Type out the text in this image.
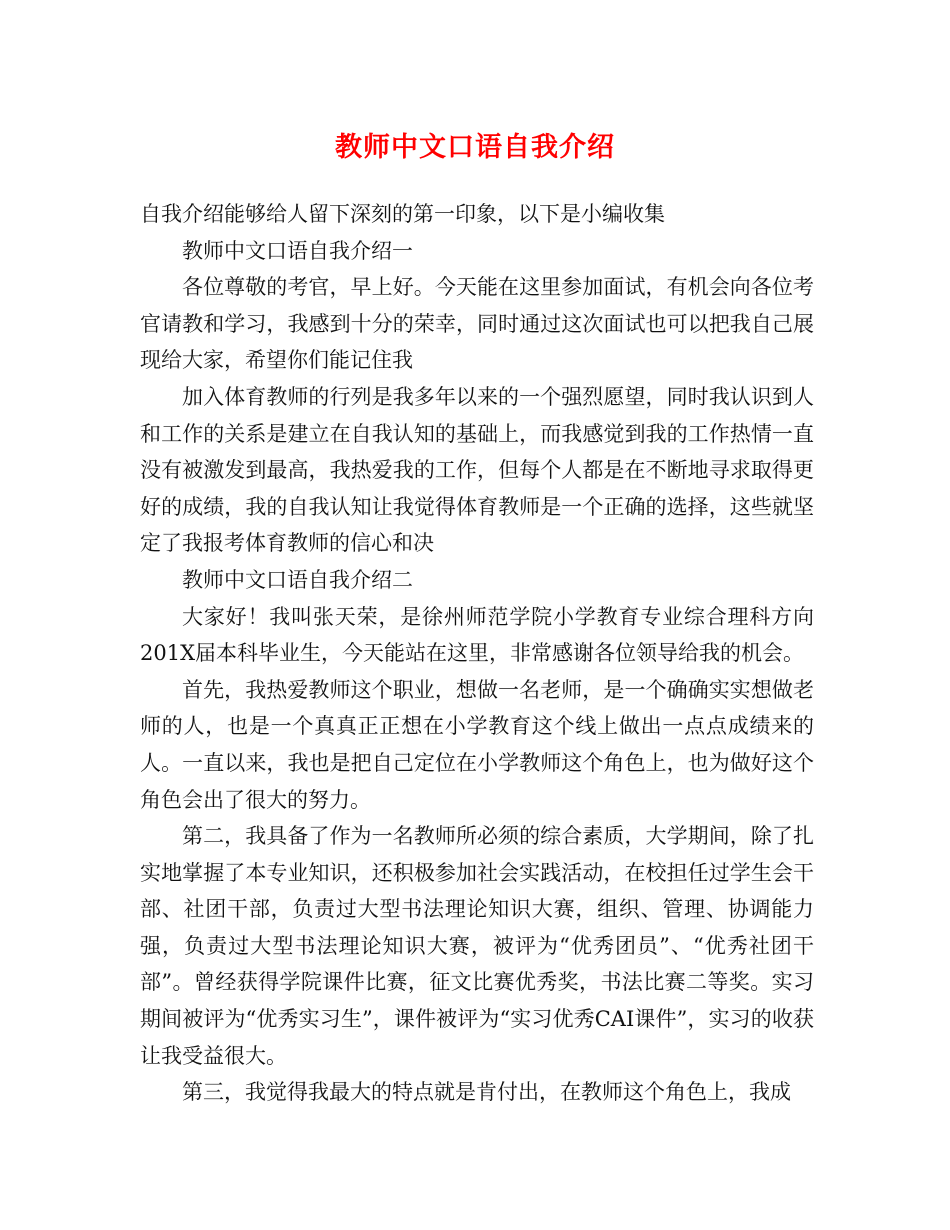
教师中文口语自我介绍

自我介绍能够给人留下深刻的第一印象，以下是小编收集

教师中文口语自我介绍一

各位尊敬的考官，早上好。今天能在这里参加面试，有机会向各位考官请教和学习，我感到十分的荣幸，同时通过这次面试也可以把我自己展现给大家，希望你们能记住我

加入体育教师的行列是我多年以来的一个强烈愿望，同时我认识到人和工作的关系是建立在自我认知的基础上，而我感觉到我的工作热情一直没有被激发到最高，我热爱我的工作，但每个人都是在不断地寻求取得更好的成绩，我的自我认知让我觉得体育教师是一个正确的选择，这些就坚定了我报考体育教师的信心和决

教师中文口语自我介绍二

大家好！我叫张天荣，是徐州师范学院小学教育专业综合理科方向201X届本科毕业生，今天能站在这里，非常感谢各位领导给我的机会。

首先，我热爱教师这个职业，想做一名老师，是一个确确实实想做老师的人，也是一个真真正正想在小学教育这个线上做出一点点成绩来的人。一直以来，我也是把自己定位在小学教师这个角色上，也为做好这个角色会出了很大的努力。

第二，我具备了作为一名教师所必须的综合素质，大学期间，除了扎实地掌握了本专业知识，还积极参加社会实践活动，在校担任过学生会干部、社团干部，负责过大型书法理论知识大赛，组织、管理、协调能力强，负责过大型书法理论知识大赛，被评为“优秀团员”、“优秀社团干部”。曾经获得学院课件比赛，征文比赛优秀奖，书法比赛二等奖。实习期间被评为“优秀实习生”，课件被评为“实习优秀CAI课件”，实习的收获让我受益很大。

第三，我觉得我最大的特点就是肯付出，在教师这个角色上，我成
